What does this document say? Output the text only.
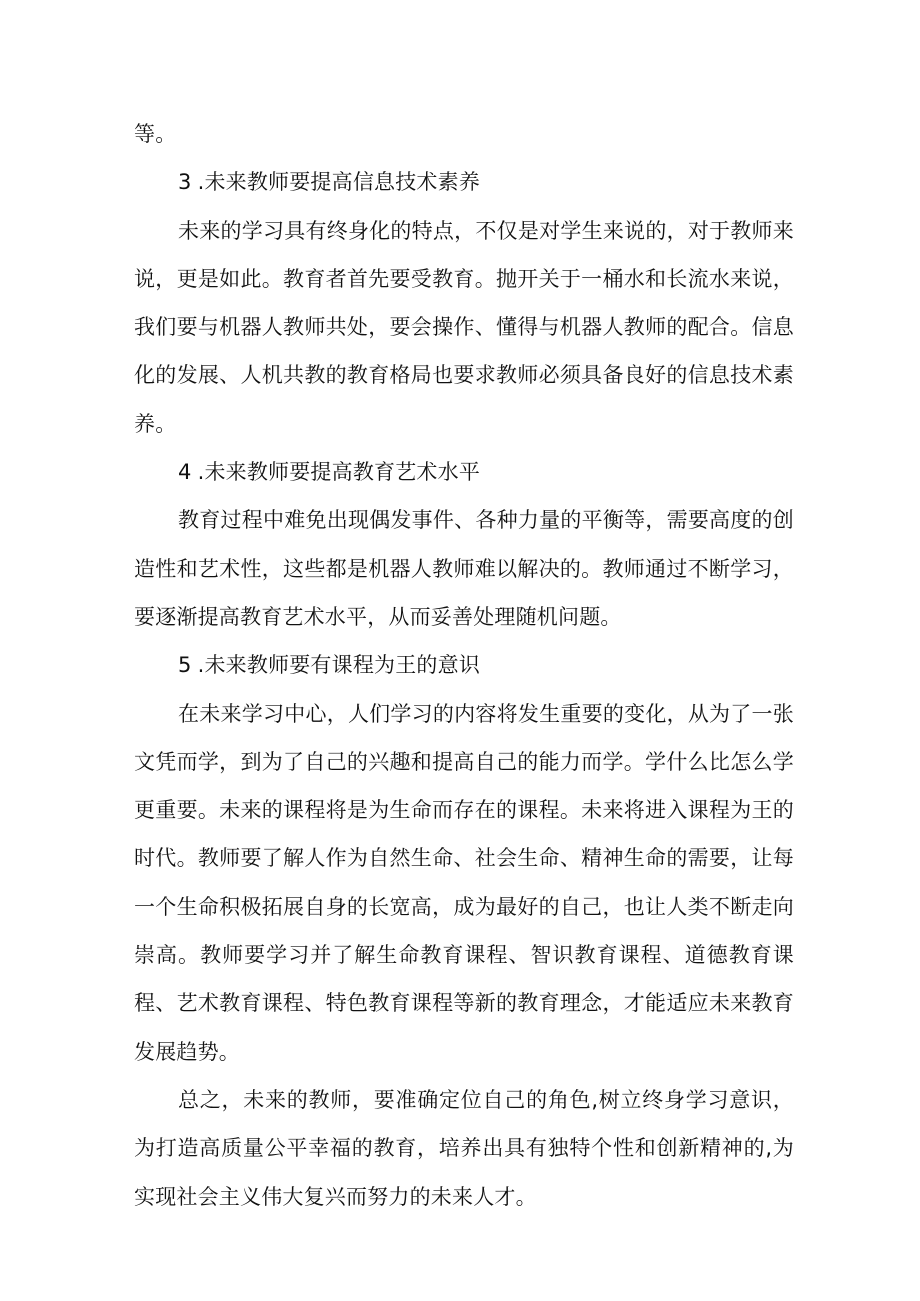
等。

3 .未来教师要提高信息技术素养

未来的学习具有终身化的特点，不仅是对学生来说的，对于教师来说，更是如此。教育者首先要受教育。抛开关于一桶水和长流水来说，我们要与机器人教师共处，要会操作、懂得与机器人教师的配合。信息化的发展、人机共教的教育格局也要求教师必须具备良好的信息技术素养。

4 .未来教师要提高教育艺术水平

教育过程中难免出现偶发事件、各种力量的平衡等，需要高度的创造性和艺术性，这些都是机器人教师难以解决的。教师通过不断学习，要逐渐提高教育艺术水平，从而妥善处理随机问题。

5 .未来教师要有课程为王的意识

在未来学习中心，人们学习的内容将发生重要的变化，从为了一张文凭而学，到为了自己的兴趣和提高自己的能力而学。学什么比怎么学更重要。未来的课程将是为生命而存在的课程。未来将进入课程为王的时代。教师要了解人作为自然生命、社会生命、精神生命的需要，让每一个生命积极拓展自身的长宽高，成为最好的自己，也让人类不断走向崇高。教师要学习并了解生命教育课程、智识教育课程、道德教育课程、艺术教育课程、特色教育课程等新的教育理念，才能适应未来教育发展趋势。

总之，未来的教师，要准确定位自己的角色,树立终身学习意识，为打造高质量公平幸福的教育，培养出具有独特个性和创新精神的,为实现社会主义伟大复兴而努力的未来人才。
